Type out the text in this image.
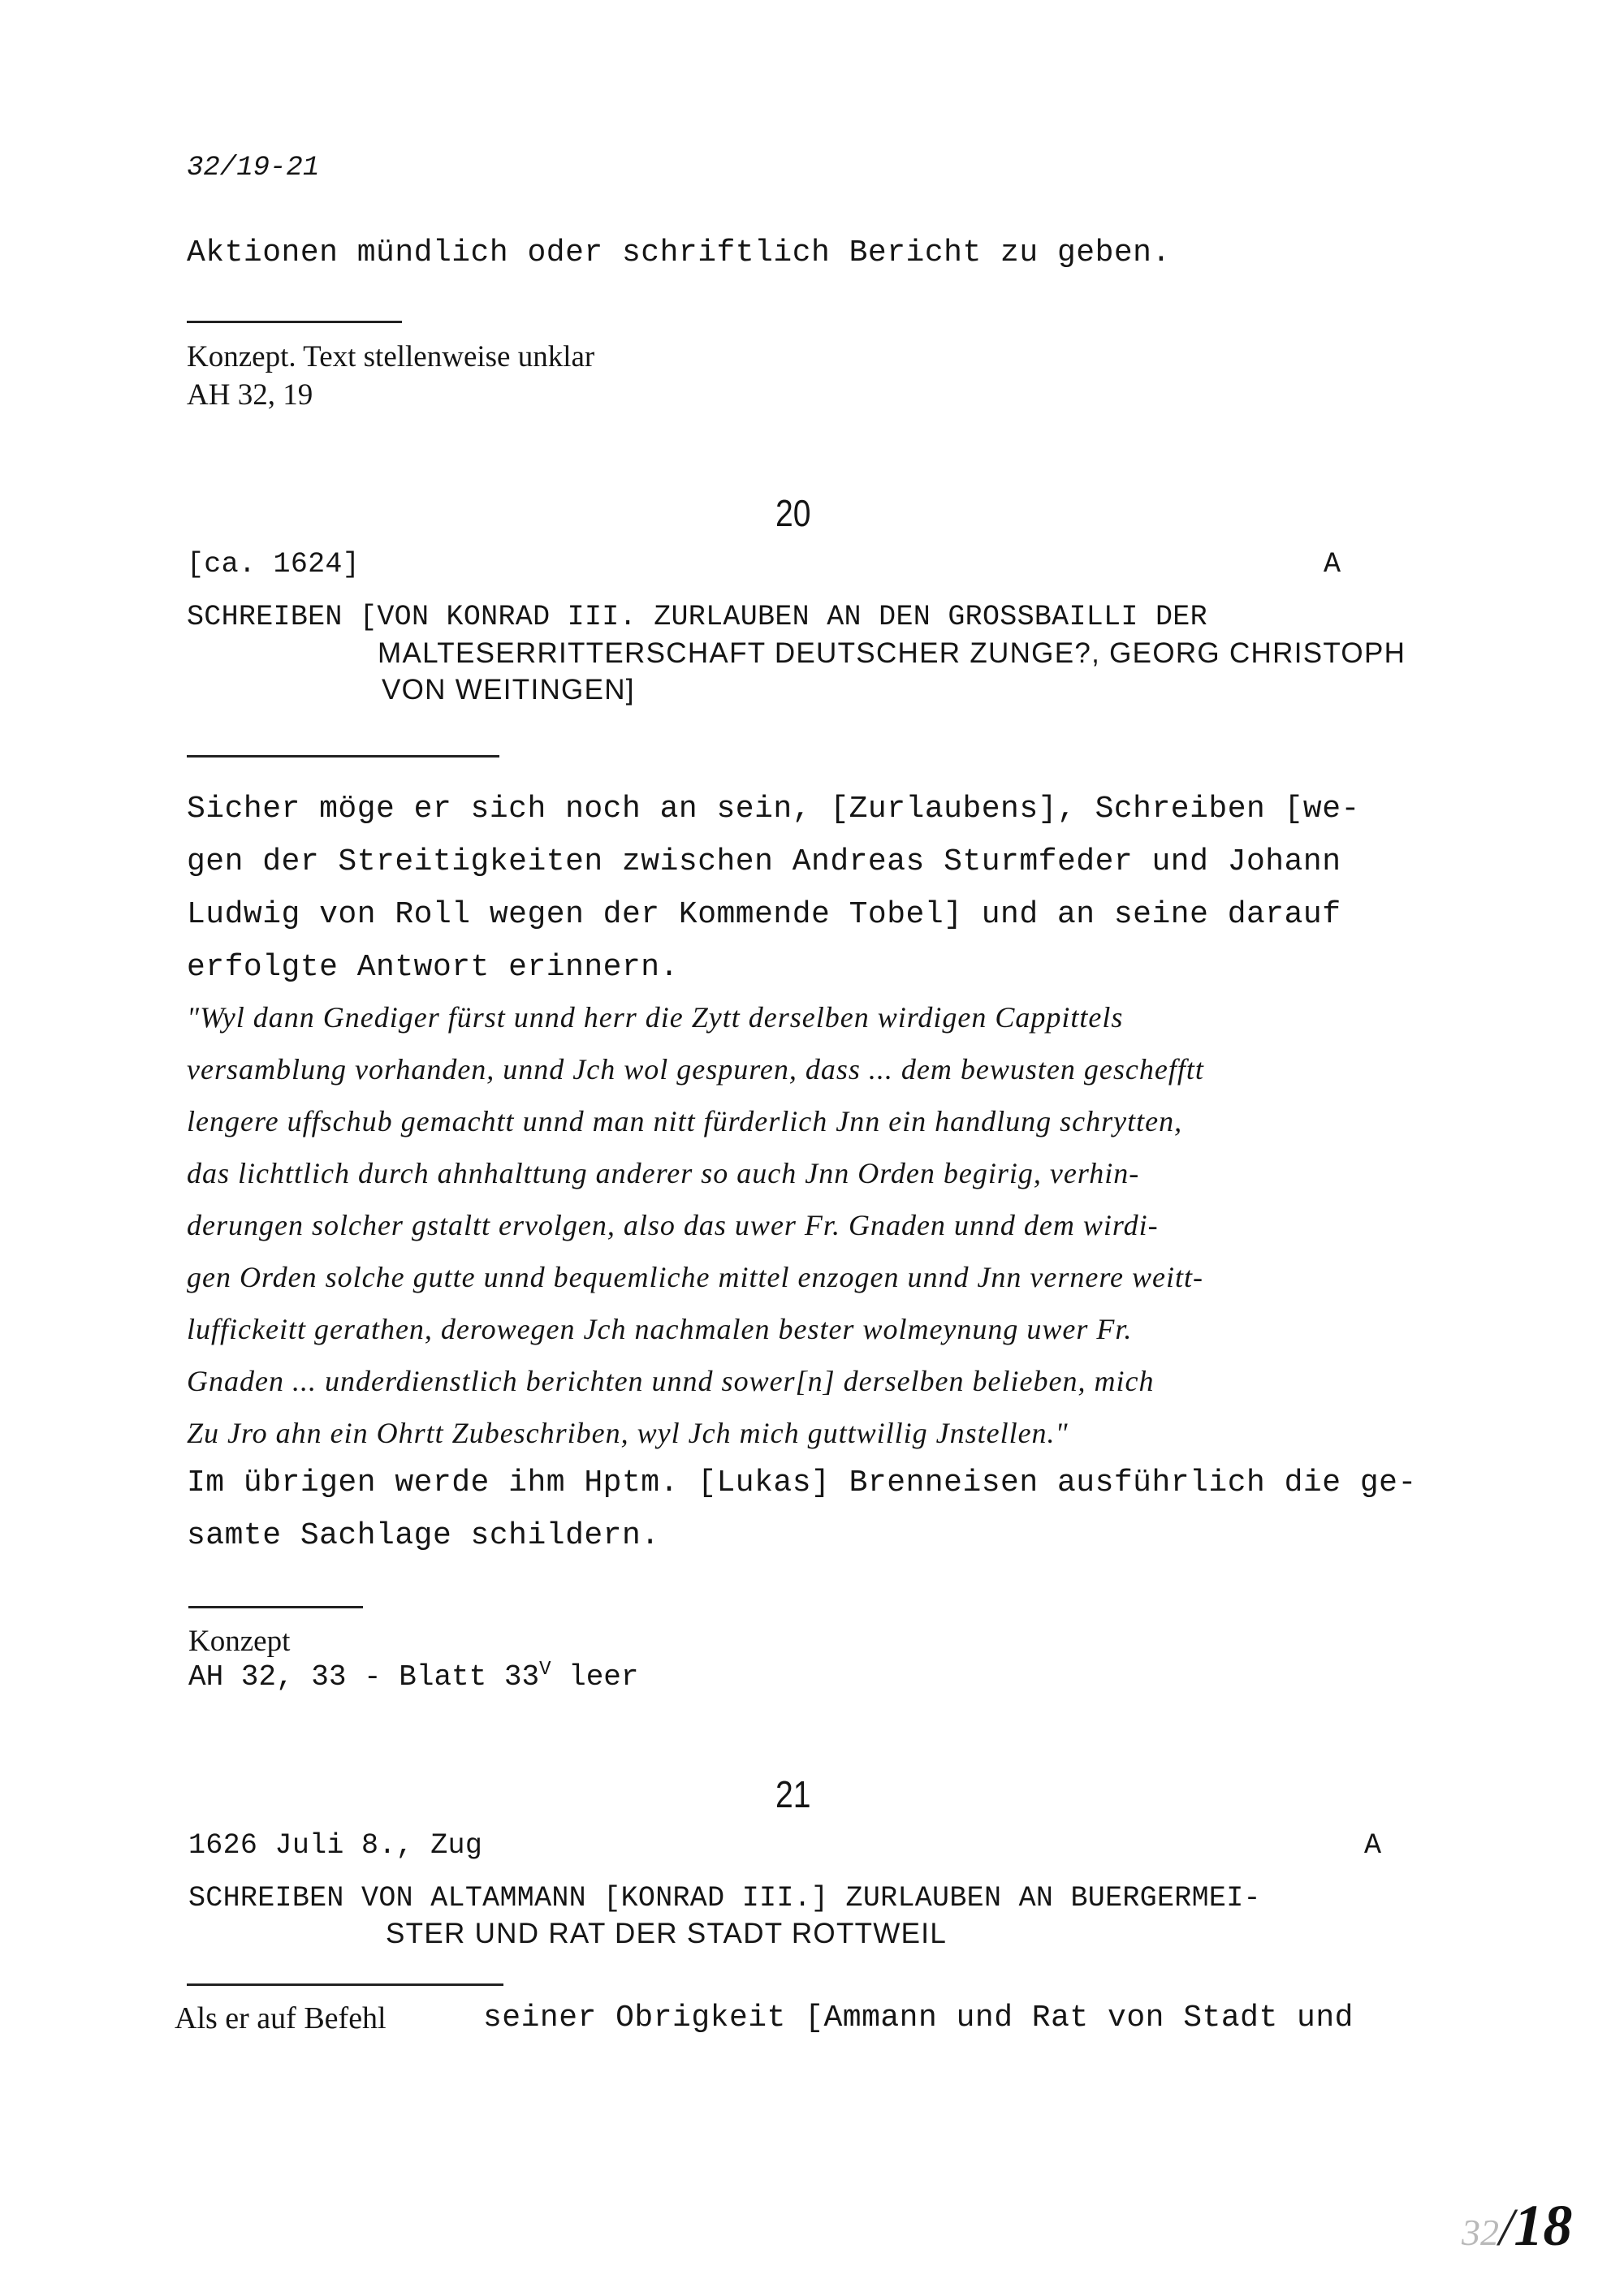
32/19-21
Aktionen mündlich oder schriftlich Bericht zu geben.
Konzept. Text stellenweise unklar
AH 32, 19
20
[ca. 1624]	A
SCHREIBEN [VON KONRAD III. ZURLAUBEN AN DEN GROSSBAILLI DER
MALTESERRITTERSCHAFT DEUTSCHER ZUNGE?, GEORG CHRISTOPH
VON WEITINGEN]
Sicher möge er sich noch an sein, [Zurlaubens], Schreiben [we-
gen der Streitigkeiten zwischen Andreas Sturmfeder und Johann
Ludwig von Roll wegen der Kommende Tobel] und an seine darauf
erfolgte Antwort erinnern.
"Wyl dann Gnediger fürst unnd herr die Zytt derselben wirdigen Cappittels
versamblung vorhanden, unnd Jch wol gespuren, dass ... dem bewusten geschefftt
lengere uffschub gemachtt unnd man nitt fürderlich Jnn ein handlung schrytten,
das lichttlich durch ahnhalttung anderer so auch Jnn Orden begirig, verhin-
derungen solcher gstaltt ervolgen, also das uwer Fr. Gnaden unnd dem wirdi-
gen Orden solche gutte unnd bequemliche mittel enzogen unnd Jnn vernere weitt-
luffickeitt gerathen, derowegen Jch nachmalen bester wolmeynung uwer Fr.
Gnaden ... underdienstlich berichten unnd sower[n] derselben belieben, mich
Zu Jro ahn ein Ohrtt Zubeschriben, wyl Jch mich guttwillig Jnstellen."
Im übrigen werde ihm Hptm. [Lukas] Brenneisen ausführlich die ge-
samte Sachlage schildern.
Konzept
AH 32, 33 - Blatt $33^V$ leer
21
1626 Juli 8., Zug	A
SCHREIBEN VON ALTAMMANN [KONRAD III.] ZURLAUBEN AN BUERGERMEI-
STER UND RAT DER STADT ROTTWEIL
Als er auf Befehl	seiner Obrigkeit [Ammann und Rat von Stadt und
32/18
